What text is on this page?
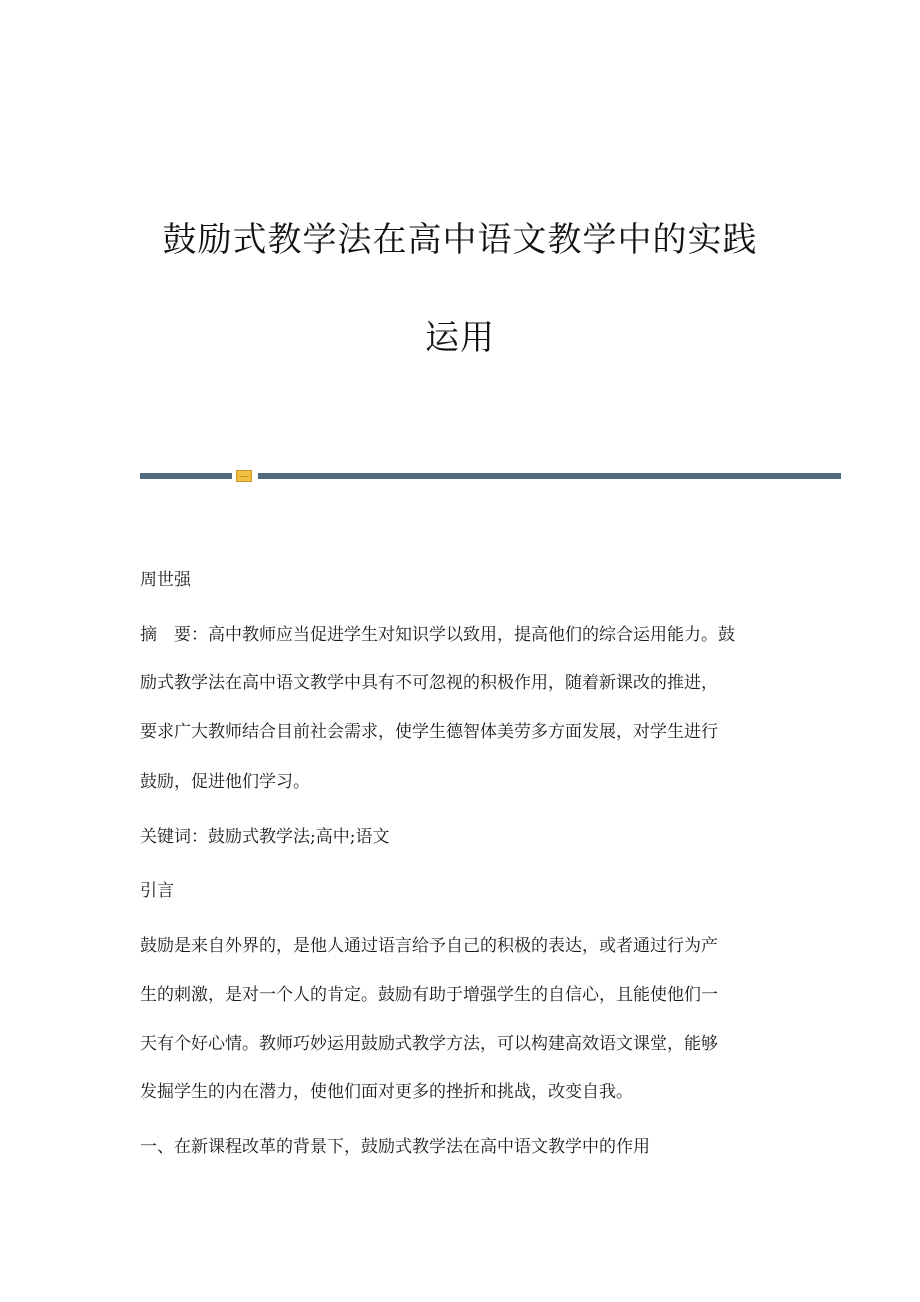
鼓励式教学法在高中语文教学中的实践
运用
周世强
摘　要：高中教师应当促进学生对知识学以致用，提高他们的综合运用能力。鼓
励式教学法在高中语文教学中具有不可忽视的积极作用，随着新课改的推进，
要求广大教师结合目前社会需求，使学生德智体美劳多方面发展，对学生进行
鼓励，促进他们学习。
关键词：鼓励式教学法;高中;语文
引言
鼓励是来自外界的，是他人通过语言给予自己的积极的表达，或者通过行为产
生的刺激，是对一个人的肯定。鼓励有助于增强学生的自信心，且能使他们一
天有个好心情。教师巧妙运用鼓励式教学方法，可以构建高效语文课堂，能够
发掘学生的内在潜力，使他们面对更多的挫折和挑战，改变自我。
一、在新课程改革的背景下，鼓励式教学法在高中语文教学中的作用
